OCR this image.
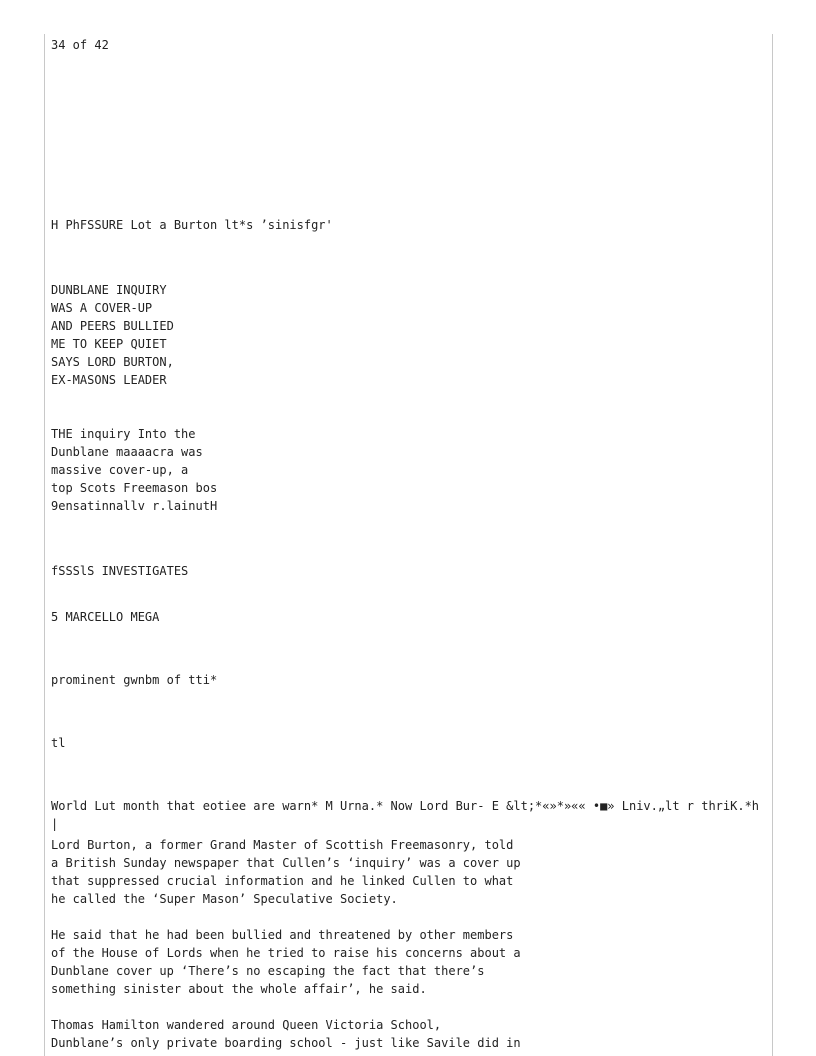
34 of 42
H PhFSSURE Lot a Burton lt*s ’sinisfgr'
DUNBLANE INQUIRY
WAS A COVER-UP
AND PEERS BULLIED
ME TO KEEP QUIET
SAYS LORD BURTON,
EX-MASONS LEADER
THE inquiry Into the
Dunblane maaaacra was
massive cover-up, a
top Scots Freemason bos
9ensatinnallv r.lainutH
fSSSlS INVESTIGATES
5 MARCELLO MEGA
prominent gwnbm of tti*
tl
World Lut month that eotiee are warn* M Urna.* Now Lord Bur- E &lt;*«»*»«« •■» Lniv.„lt r thriK.*h
|
Lord Burton, a former Grand Master of Scottish Freemasonry, told
a British Sunday newspaper that Cullen’s ‘inquiry’ was a cover up
that suppressed crucial information and he linked Cullen to what
he called the ‘Super Mason’ Speculative Society.
He said that he had been bullied and threatened by other members
of the House of Lords when he tried to raise his concerns about a
Dunblane cover up ‘There’s no escaping the fact that there’s
something sinister about the whole affair’, he said.
Thomas Hamilton wandered around Queen Victoria School,
Dunblane’s only private boarding school - just like Savile did in
